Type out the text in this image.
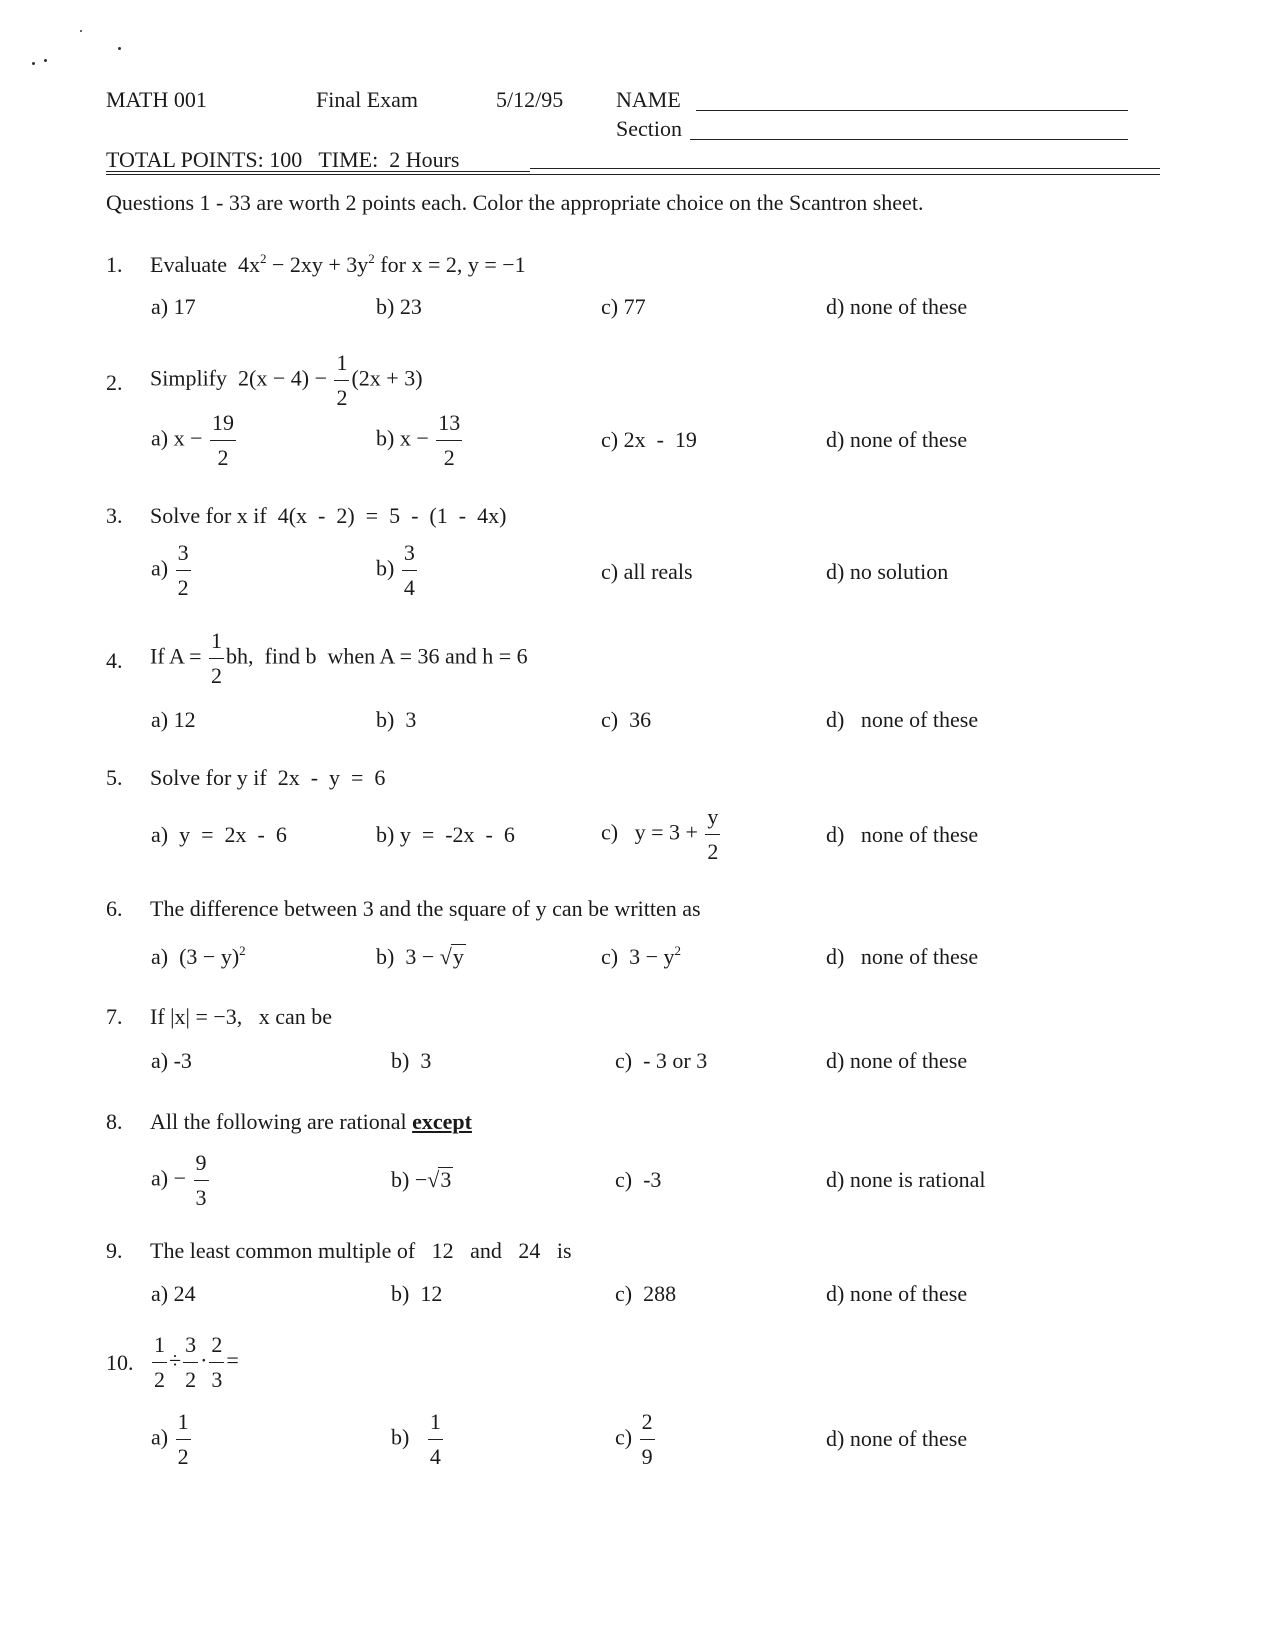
MATH 001	Final Exam	5/12/95 NAME
Section
TOTAL POINTS: 100   TIME:  2 Hours
Questions 1 - 33 are worth 2 points each. Color the appropriate choice on the Scantron sheet.
1. Evaluate  $4x^2 - 2xy + 3y^2$ for x = 2, y = −1
a) 17	b) 23	c) 77	d) none of these
2. Simplify  $2(x - 4) - \frac{1}{2} (2x + 3)$
a) $x - \frac{19}{2}$	b) $x - \frac{13}{2}$	c) 2x  -  19	d) none of these
3. Solve for x if  4(x  -  2)  =  5  -  (1  -  4x)
$a) \frac{3}{2}$	$b) \frac{3}{4}$	c) all reals	d) no solution
4. If $A = \frac{1}{2}$ bh,  find b  when A = 36 and h = 6
a) 12	b)  3	c)  36	d)   none of these
5. Solve for y if  2x  -  y  =  6
a)  y  =  2x  -  6	b) y  =  -2x  -  6	c) $y = 3 + \frac{y}{2}$	d)   none of these
6. The difference between 3 and the square of y can be written as
a)  $(3 - y)^2$	b)  3 − √y	c)  $3 - y^2$	d)   none of these
7. If |x| = −3,   x can be
a) -3	b)  3	c)  - 3 or 3	d) none of these
8. All the following are rational except
$a) - \frac{9}{3}$	b) −√3	c)  -3	d) none is rational
9. The least common multiple of   12   and   24   is
a) 24	b)  12	c)  288	d) none of these
10. $\frac{1}{2} \div \frac{3}{2} \cdot \frac{2}{3}$ =
$a) \frac{1}{2}$	$b) \frac{1}{4}$	$c) \frac{2}{9}$	d) none of these
